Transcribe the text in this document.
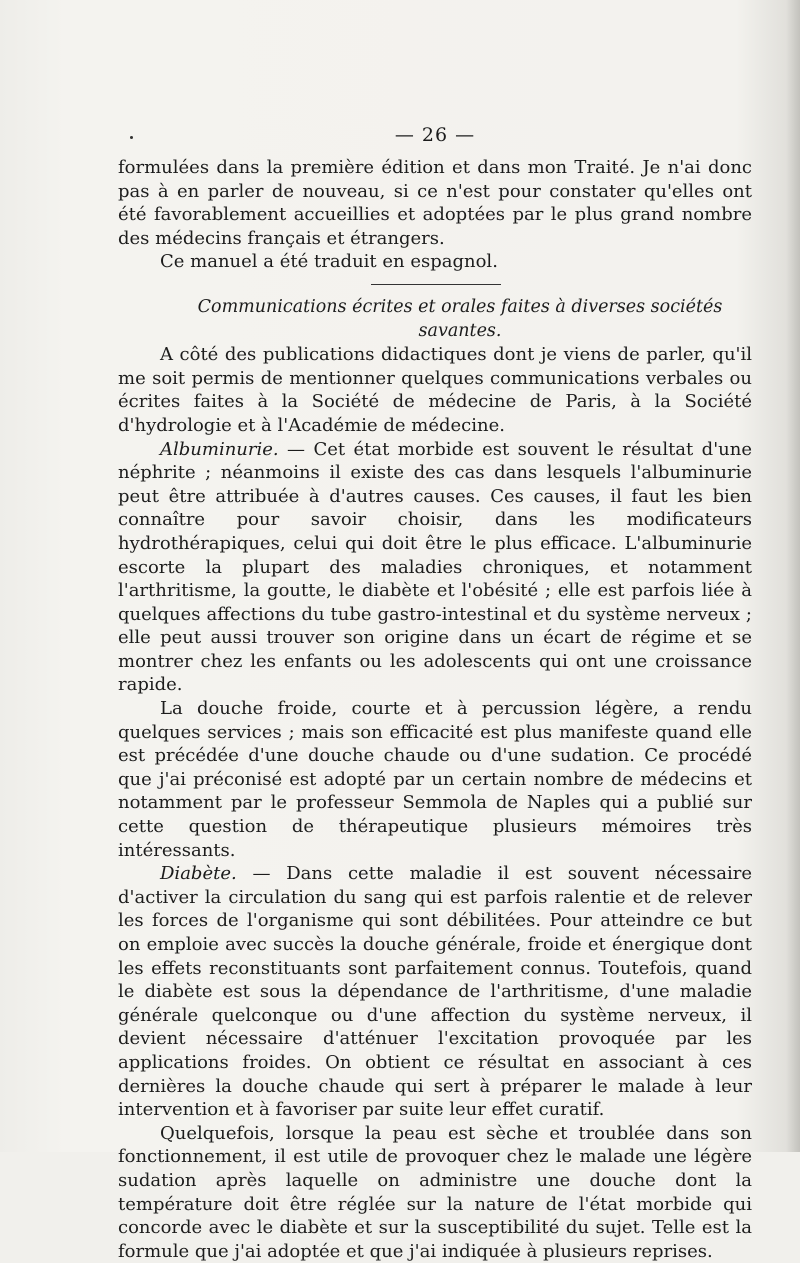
— 26 —

formulées dans la première édition et dans mon Traité. Je n'ai donc pas à en parler de nouveau, si ce n'est pour constater qu'elles ont été favorablement accueillies et adoptées par le plus grand nombre des médecins français et étrangers.

Ce manuel a été traduit en espagnol.

Communications écrites et orales faites à diverses sociétés savantes.

A côté des publications didactiques dont je viens de parler, qu'il me soit permis de mentionner quelques communications verbales ou écrites faites à la Société de médecine de Paris, à la Société d'hydrologie et à l'Académie de médecine.

Albuminurie. — Cet état morbide est souvent le résultat d'une néphrite ; néanmoins il existe des cas dans lesquels l'albuminurie peut être attribuée à d'autres causes. Ces causes, il faut les bien connaître pour savoir choisir, dans les modificateurs hydrothérapiques, celui qui doit être le plus efficace. L'albuminurie escorte la plupart des maladies chroniques, et notamment l'arthritisme, la goutte, le diabète et l'obésité ; elle est parfois liée à quelques affections du tube gastro-intestinal et du système nerveux ; elle peut aussi trouver son origine dans un écart de régime et se montrer chez les enfants ou les adolescents qui ont une croissance rapide.

La douche froide, courte et à percussion légère, a rendu quelques services ; mais son efficacité est plus manifeste quand elle est précédée d'une douche chaude ou d'une sudation. Ce procédé que j'ai préconisé est adopté par un certain nombre de médecins et notamment par le professeur Semmola de Naples qui a publié sur cette question de thérapeutique plusieurs mémoires très intéressants.

Diabète. — Dans cette maladie il est souvent nécessaire d'activer la circulation du sang qui est parfois ralentie et de relever les forces de l'organisme qui sont débilitées. Pour atteindre ce but on emploie avec succès la douche générale, froide et énergique dont les effets reconstituants sont parfaitement connus. Toutefois, quand le diabète est sous la dépendance de l'arthritisme, d'une maladie générale quelconque ou d'une affection du système nerveux, il devient nécessaire d'atténuer l'excitation provoquée par les applications froides. On obtient ce résultat en associant à ces dernières la douche chaude qui sert à préparer le malade à leur intervention et à favoriser par suite leur effet curatif.

Quelquefois, lorsque la peau est sèche et troublée dans son fonctionnement, il est utile de provoquer chez le malade une légère sudation après laquelle on administre une douche dont la température doit être réglée sur la nature de l'état morbide qui concorde avec le diabète et sur la susceptibilité du sujet. Telle est la formule que j'ai adoptée et que j'ai indiquée à plusieurs reprises.
